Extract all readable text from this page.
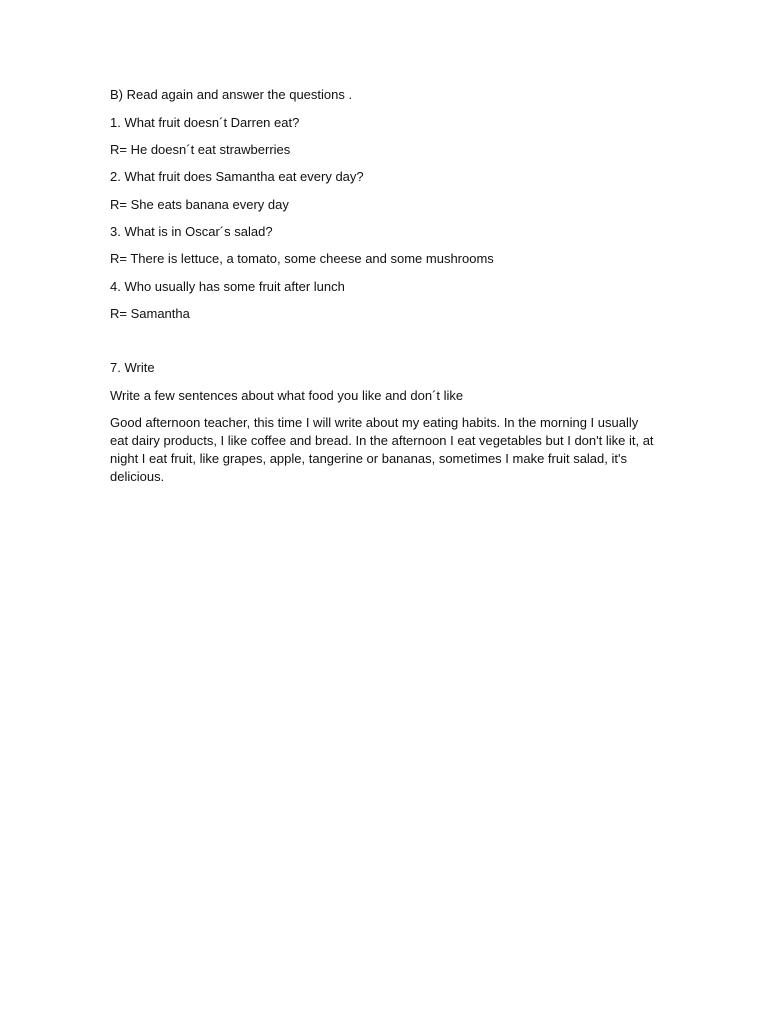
B) Read again and answer the questions .

1. What fruit doesn´t Darren eat?

R= He doesn´t eat strawberries

2. What fruit does Samantha eat every day?

R= She eats banana every day

3. What is in Oscar´s salad?

R= There is lettuce, a tomato, some cheese and some mushrooms

4. Who usually has some fruit after lunch

R= Samantha

7. Write

Write a few sentences about what food you like and don´t like

Good afternoon teacher, this time I will write about my eating habits. In the morning I usually eat dairy products, I like coffee and bread. In the afternoon I eat vegetables but I don't like it, at night I eat fruit, like grapes, apple, tangerine or bananas, sometimes I make fruit salad, it's delicious.
